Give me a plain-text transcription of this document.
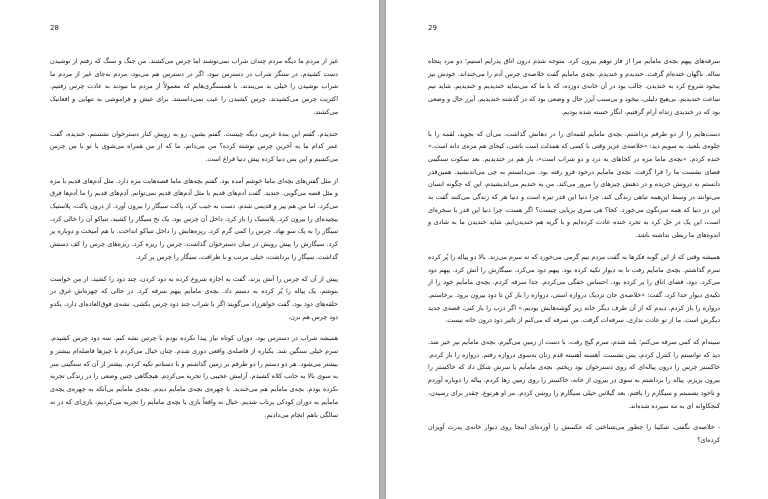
28

غیر از مردم ما دیگه مردم چندان شراب نمی‌نوشند اما چرس می‌کشند. من جنگ و سنگ که رفتم از نوشیدن دست کشیدم. در سنگر شراب در دسترس نبود، اگر در دسترس هم می‌بود، مردم به‌جای غیر از مردم ما شراب نوشیدن را خیلی بد می‌پندند. با همسنگری‌هایم که معمولاً از مردم ما نبودند به عادت چرس رفتیم. اکثریت چرس می‌کشیدند. چرس کشیدن را عیب نمی‌دانستند. برای عیش و فراموشی به تنهایی و افغانیک می‌کشند.

خندیدم. گفتم این بندهٔ غریبی دیگه چیست. گفتم بشین. رو به رویش کنار دسترخوان نشستم. خندیده، گفت عمر کدام ما به آخرین چرس نوشته کرده؟ من می‌دانم. ما که از من همراه می‌شوی با تو با من چرس می‌کشیم و این پس دنیا کرده پیش دنیا فراغ است.

از مثل گفتن‌های بچه‌ای ماما خوشم آمده بود. گفتم بچه‌های ماما قصه‌هایت مزه دارد. مثل آدم‌های قدیم با مزه و مثل قصه می‌گویی. خندید. گفت آدم‌های قدیم با مثل آدم‌های قدیم نمی‌توانم. آدم‌های قدیم را ما آدم‌ها فرق می‌کرد. اما من هم پیر و قدیمی شدم. دست به جیب کرد، پاکت سیگار را بیرون آورد. از درون پاکت، پلاستیک پیچیده‌ای را بیرون کرد. پلاستیک را باز کرد، داخل آن چرس بود. یک نخ سیگار را کشید. تنباکو آن را خالی کرد، سیگار را به یک سو نهاد. چرس را کمی گرم کرد، ریزه‌هایش را داخل تنباکو انداخت. با هم آمیخت و دوباره پر کرد. سیگارش را پیش رویش در میان دسترخوان گذاشت. چرس را ریزه کرد. ریزه‌های چرس را کف دستش گذاشت. سیگار را برداشت، خیلی مرتب و با ظرافت، سیگار را چرس پر کرد.

پیش از آن که چرس را آتش بزند، گفت به اجازه شروع کرده به دود کردن. چند دود را کشید، از من خواست بنوشم. یک پیاله را پُر کرده به دستم داد. بچه‌ی ماماَیم پیهم سرفه کرد. در حالی که چهره‌اش غرق در حلقه‌های دود بود، گفت خواهرزاد می‌گویند اگر با شراب چند دود چرس بکشی، نشه‌ی فوق‌العاده‌ای دارد، یکدو دود چرس هم بزن.

همیشه شراب در دسترس بود، دوران کوتاه نیاز پیدا نکرده بودم با چرس نشه کنم. سه دود چرس کشیدم. سرم خیلی سنگین شد. یکباره از فاصله‌ی واقعی دوری شدم. چنان خیال می‌کردم با چیزها فاصله‌ام بیشتر و بیشتر می‌شود. هر دو دستم را دو طرفم بر زمین گذاشتم و با دستانم تکیه کردم. بیشتر از آن که سنگینی سر به سوی بالا به جانب کلاه کشیدم. آرامش عجیبی را تجربه می‌کردم. هیچگاهی چنین وضعی را در زندگی تجربه نکرده بودم. بچه‌ی ماماَیم هم می‌خندید. با چهره‌ی بچه‌ی ماماَیم دیدم. بچه‌ی ماماَیم بی‌آنکه به چهره‌ی بچه‌ی ماماَیم به دوران کودکی پرتاب شدیم. خیال نه واقعاً بازی با بچه‌ی ماماَیم را تجربه می‌کردیم، بازی‌ای که در نه سالگی باهم انجام می‌دادیم.

29

سرفه‌های پیهم بچه‌ی ماماَیم مرا از فاز توهم بیرون کرد. متوجه شدم درون اتاق پدرایم استیم؛ دو مرد پنجاه ساله. ناگهان خنده‌ام گرفت. خندیدم و خندیدم. بچه‌ی ماماَیم گفت خلاصه‌ی چرس آدم را می‌خنداند. خودش نیز بیخود شروع کرد به خندیدن. جالب بود در آن خانه‌ی دوزده، که با ما که می‌نماید خندیدیم و خندیدیم. شاید نیم ساعت خندیدیم. بی‌هیچ دلیلی، بیخود و بی‌سبب آیرز حال و وضعی بود که در گذشته خندیدیم. آیرز حال و وضعی بود که در خندیدی زنداه آرام گرفتیم. انگار خسته شده بودیم.

دست‌هایم را از دو طرفم برداشتم. بچه‌ی ماماَیم لقمه‌ای را در دهانش گذاشت، می‌آن که بجوید، لقمه را با جلوه‌ی بلعید، به سویم دید: «خلاصه‌ی عزیز وقتی با کسی که همدلت است باشی، کیحای هم مزه‌ی دانه است.» خنده کردم. «بچه‌ی ماما مزه در کجاهای به درد و دو شراب است»، باز هم در خندیدیم. بعد سکوت سنگینی فضای نشست ما را فرا گرفت. بچه‌ی ماماَیم درخود فرو رفته بود. می‌دانستم به چی می‌اندیشید. همین‌قدر دانستم به درونش خزیده و در دهنش چیزهای را مرور می‌کند. من به خندیم می‌اندیشیدم، این که چگونه انسان می‌توانند در وسط این‌همه تباهی زندگی کند. چرا دنیا این قدر تیره است و دنیا هر که زندگی می‌کنند گفت به این در دنیا که همه سرنگون می‌خورد. کجا؟ هی سری بریایی چیست؟ اگر هست، چرا دنیا این قدر با سخره‌ای است، این یک در حل کرد به تجرد خنده عادت کرده‌ایم و با گریه هم خندیدن‌ایم. شاید خندیدن ما به شادی و اندوه‌های ما ربطی نداشته باشد.

همیشه وقتی که از این گونه فکرها به گفت مردم نیم گرمی می‌خورد که نه سرم می‌زند. بالا دو پیاله را پُر کرده سرم گذاشتم. بچه‌ی ماماَیم رفت تا به دیوار تکیه کرده بود. پیهم دود می‌کرد. سیگارش را آتش کرد. پیهم دود می‌کرد. دود، فضای اتاق را پر کرده بود. احساس خفگی می‌کردم. جدا سرفه کردم. بچه‌ی ماماَیم خود را از تکیه‌ی دیوار جدا کرد، گفت: «خلاصه‌ی جان نزدیک دروازه استی، دروازه را باز کن تا دود بیرون برود. برخاستم. دروازه را باز کردم. دیدم که از آن طرف دیگر خانه زیر گوشه‌هایش بودیم.» اگر درب را باز کنی، قصه‌ی جدید دیگرش است. ما از تو عادت نداری، سرفه‌ات گرفت. من سرفه که می‌کنم از تاثیر دود درون خانه نیست.

سینه‌ام که کمی سرفه می‌کنم؛ بلند شدم، سرم گیج رفت. با دست از زمین می‌گیرم. بچه‌ی ماماَیم نیز خیز شد. دید که توانستم را کنترل کردم، پس نشست. آهسته آهسته قدم زنان به‌سوی دروازه رفتم. دروازه را باز کردم. خاکستر چرس را درون پیاله‌ای که روی دسترخوان بود ریختم. بچه‌ی ماماَیم با سرش شکل داد که خاکستر را بیرون بریزم. پیاله را برداشتم به سوی در بیرون از خانه، خاکستر را روی زمین رها کردم. پیاله را دوباره آوردم و ناخود نشستم و سیگارم را یافتم. بعد گیلاس خیلی سیگارم را روشن کردم. مر او هرنوع، چقدر برای رسیدن، کنجکاوانه ای به مه سپرده شده‌اند.

- خلاصه‌ی نگفتی، شکیبا را چطور می‌شناختی که عکسش را آورده‌ای اینجا روی دیوار خانه‌ی پدرت آویزان کرده‌ای؟
